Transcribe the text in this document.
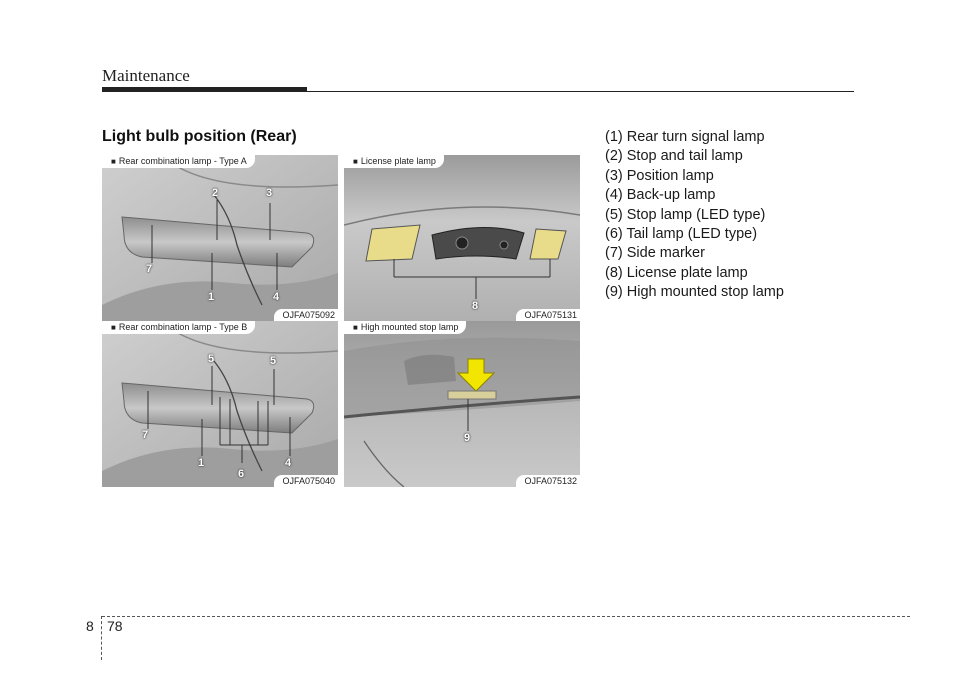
Maintenance
Light bulb position (Rear)	(1) Rear turn signal lamp
(2) Stop and tail lamp
(3) Position lamp
(4) Back-up lamp
(5) Stop lamp (LED type)
(6) Tail lamp (LED type)
(7) Side marker
(8) License plate lamp
(9) High mounted stop lamp
2	3
7
1	4
■ Rear combination lamp - Type A
OJFA075092
8
■ License plate lamp
OJFA075131
5	5
7
1
6
4
■ Rear combination lamp - Type B
OJFA075040
9
■ High mounted stop lamp
OJFA075132
8 78
